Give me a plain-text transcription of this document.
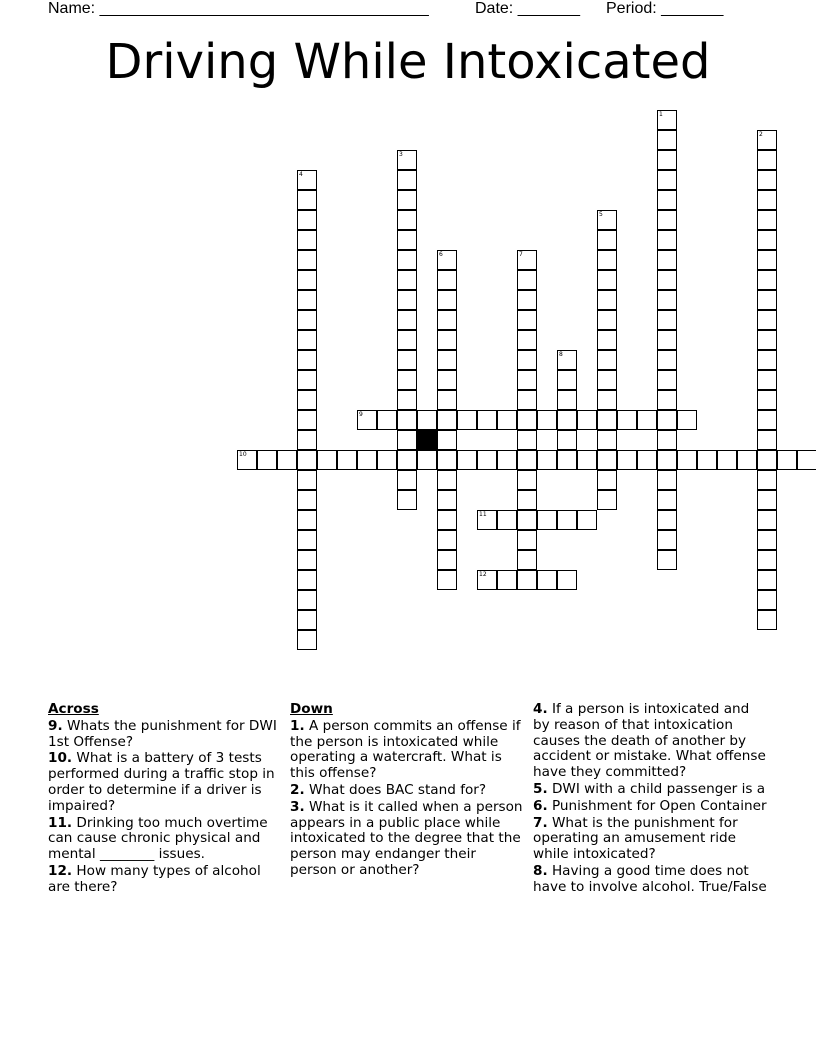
Name: _____________________________________	Date: _______ Period: _______
Driving While Intoxicated
1
2
3
4
5
6	7
8
9
10
11
12
Across
9. Whats the punishment for DWI 1st Offense?
10. What is a battery of 3 tests performed during a traffic stop in order to determine if a driver is impaired?
11. Drinking too much overtime can cause chronic physical and mental ________ issues.
12. How many types of alcohol are there?
Down
1. A person commits an offense if the person is intoxicated while operating a watercraft. What is this offense?
2. What does BAC stand for?
3. What is it called when a person appears in a public place while intoxicated to the degree that the person may endanger their person or another?
4. If a person is intoxicated and by reason of that intoxication causes the death of another by accident or mistake. What offense have they committed?
5. DWI with a child passenger is a
6. Punishment for Open Container
7. What is the punishment for operating an amusement ride while intoxicated?
8. Having a good time does not have to involve alcohol. True/False
